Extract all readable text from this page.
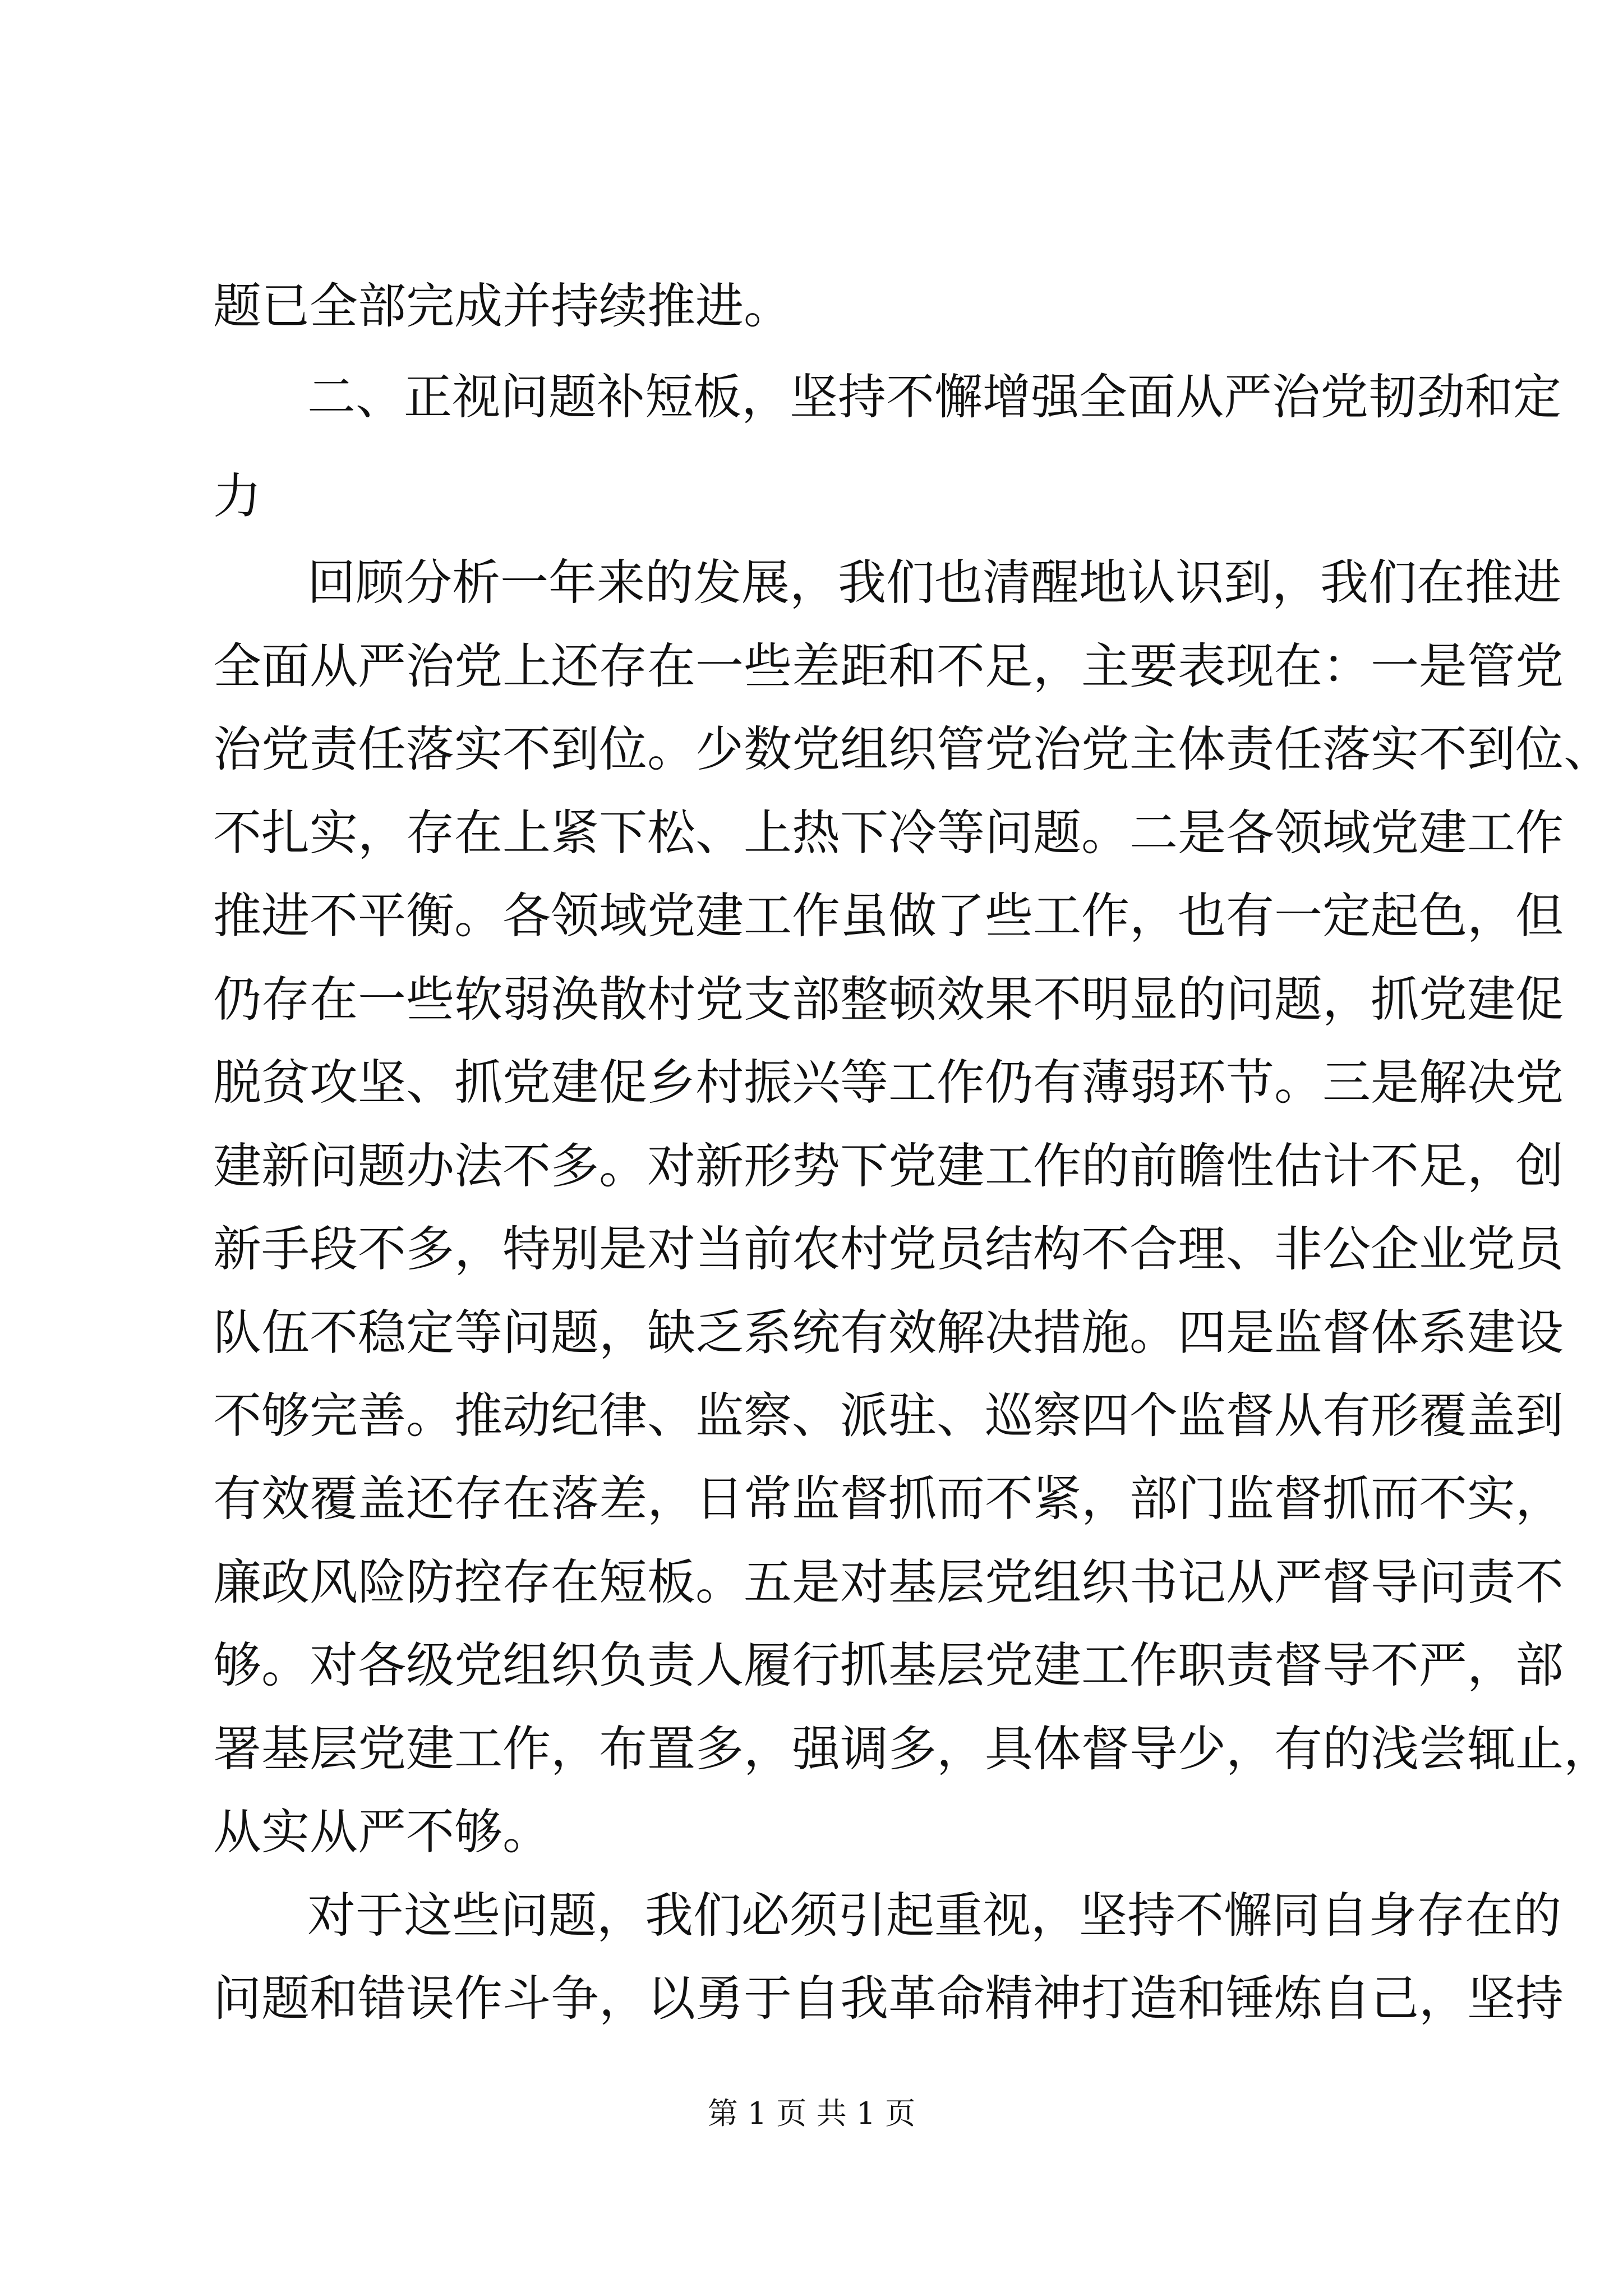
题已全部完成并持续推进。

二、正视问题补短板，坚持不懈增强全面从严治党韧劲和定

力

回顾分析一年来的发展，我们也清醒地认识到，我们在推进

全面从严治党上还存在一些差距和不足，主要表现在：一是管党

治党责任落实不到位。少数党组织管党治党主体责任落实不到位、

不扎实，存在上紧下松、上热下冷等问题。二是各领域党建工作

推进不平衡。各领域党建工作虽做了些工作，也有一定起色，但

仍存在一些软弱涣散村党支部整顿效果不明显的问题，抓党建促

脱贫攻坚、抓党建促乡村振兴等工作仍有薄弱环节。三是解决党

建新问题办法不多。对新形势下党建工作的前瞻性估计不足，创

新手段不多，特别是对当前农村党员结构不合理、非公企业党员

队伍不稳定等问题，缺乏系统有效解决措施。四是监督体系建设

不够完善。推动纪律、监察、派驻、巡察四个监督从有形覆盖到

有效覆盖还存在落差，日常监督抓而不紧，部门监督抓而不实，

廉政风险防控存在短板。五是对基层党组织书记从严督导问责不

够。对各级党组织负责人履行抓基层党建工作职责督导不严，部

署基层党建工作，布置多，强调多，具体督导少，有的浅尝辄止，

从实从严不够。

对于这些问题，我们必须引起重视，坚持不懈同自身存在的

问题和错误作斗争，以勇于自我革命精神打造和锤炼自己，坚持

第 1 页 共 1 页
